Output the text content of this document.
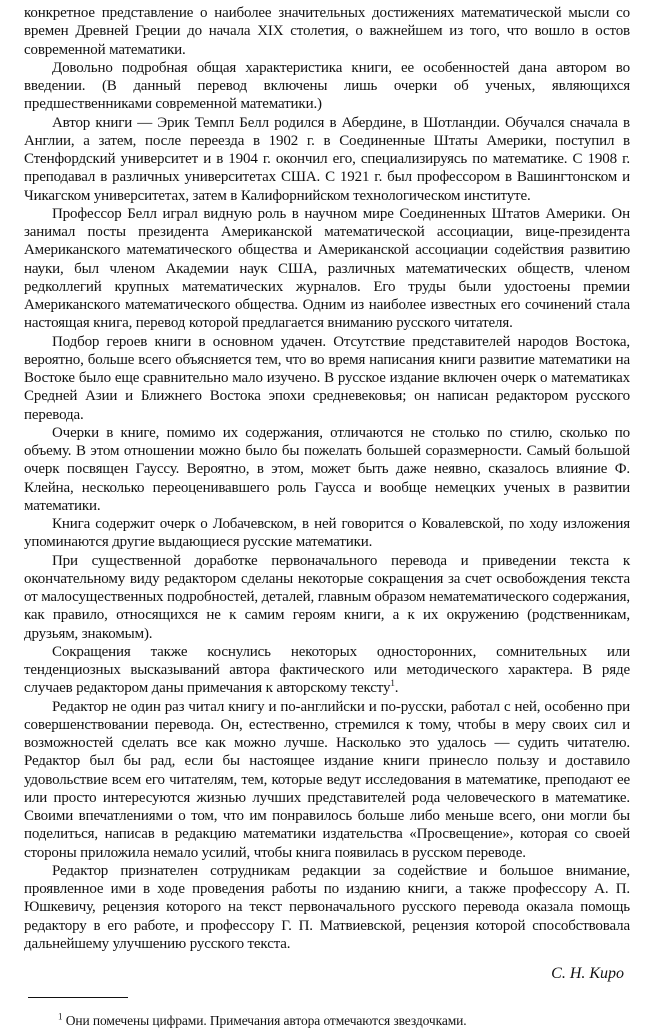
конкретное представление о наиболее значительных достижениях математической мысли со времен Древней Греции до начала XIX столетия, о важнейшем из того, что вошло в остов современной математики.

Довольно подробная общая характеристика книги, ее особенностей дана автором во введении. (В данный перевод включены лишь очерки об ученых, являющихся предшественниками современной математики.)

Автор книги — Эрик Темпл Белл родился в Абердине, в Шотландии. Обучался сначала в Англии, а затем, после переезда в 1902 г. в Соединенные Штаты Америки, поступил в Стенфордский университет и в 1904 г. окончил его, специализируясь по математике. С 1908 г. преподавал в различных университетах США. С 1921 г. был профессором в Вашингтонском и Чикагском университетах, затем в Калифорнийском технологическом институте.

Профессор Белл играл видную роль в научном мире Соединенных Штатов Америки. Он занимал посты президента Американской математической ассоциации, вице-президента Американского математического общества и Американской ассоциации содействия развитию науки, был членом Академии наук США, различных математических обществ, членом редколлегий крупных математических журналов. Его труды были удостоены премии Американского математического общества. Одним из наиболее известных его сочинений стала настоящая книга, перевод которой предлагается вниманию русского читателя.

Подбор героев книги в основном удачен. Отсутствие представителей народов Востока, вероятно, больше всего объясняется тем, что во время написания книги развитие математики на Востоке было еще сравнительно мало изучено. В русское издание включен очерк о математиках Средней Азии и Ближнего Востока эпохи средневековья; он написан редактором русского перевода.

Очерки в книге, помимо их содержания, отличаются не столько по стилю, сколько по объему. В этом отношении можно было бы пожелать большей соразмерности. Самый большой очерк посвящен Гауссу. Вероятно, в этом, может быть даже неявно, сказалось влияние Ф. Клейна, несколько переоценивавшего роль Гаусса и вообще немецких ученых в развитии математики.

Книга содержит очерк о Лобачевском, в ней говорится о Ковалевской, по ходу изложения упоминаются другие выдающиеся русские математики.

При существенной доработке первоначального перевода и приведении текста к окончательному виду редактором сделаны некоторые сокращения за счет освобождения текста от малосущественных подробностей, деталей, главным образом нематематического содержания, как правило, относящихся не к самим героям книги, а к их окружению (родственникам, друзьям, знакомым).

Сокращения также коснулись некоторых односторонних, сомнительных или тенденциозных высказываний автора фактического или методического характера. В ряде случаев редактором даны примечания к авторскому тексту$^1$.

Редактор не один раз читал книгу и по-английски и по-русски, работал с ней, особенно при совершенствовании перевода. Он, естественно, стремился к тому, чтобы в меру своих сил и возможностей сделать все как можно лучше. Насколько это удалось — судить читателю. Редактор был бы рад, если бы настоящее издание книги принесло пользу и доставило удовольствие всем его читателям, тем, которые ведут исследования в математике, преподают ее или просто интересуются жизнью лучших представителей рода человеческого в математике. Своими впечатлениями о том, что им понравилось больше либо меньше всего, они могли бы поделиться, написав в редакцию математики издательства «Просвещение», которая со своей стороны приложила немало усилий, чтобы книга появилась в русском переводе.

Редактор признателен сотрудникам редакции за содействие и большое внимание, проявленное ими в ходе проведения работы по изданию книги, а также профессору А. П. Юшкевичу, рецензия которого на текст первоначального русского перевода оказала помощь редактору в его работе, и профессору Г. П. Матвиевской, рецензия которой способствовала дальнейшему улучшению русского текста.

С. Н. Киро
$^1$ Они помечены цифрами. Примечания автора отмечаются звездочками.
